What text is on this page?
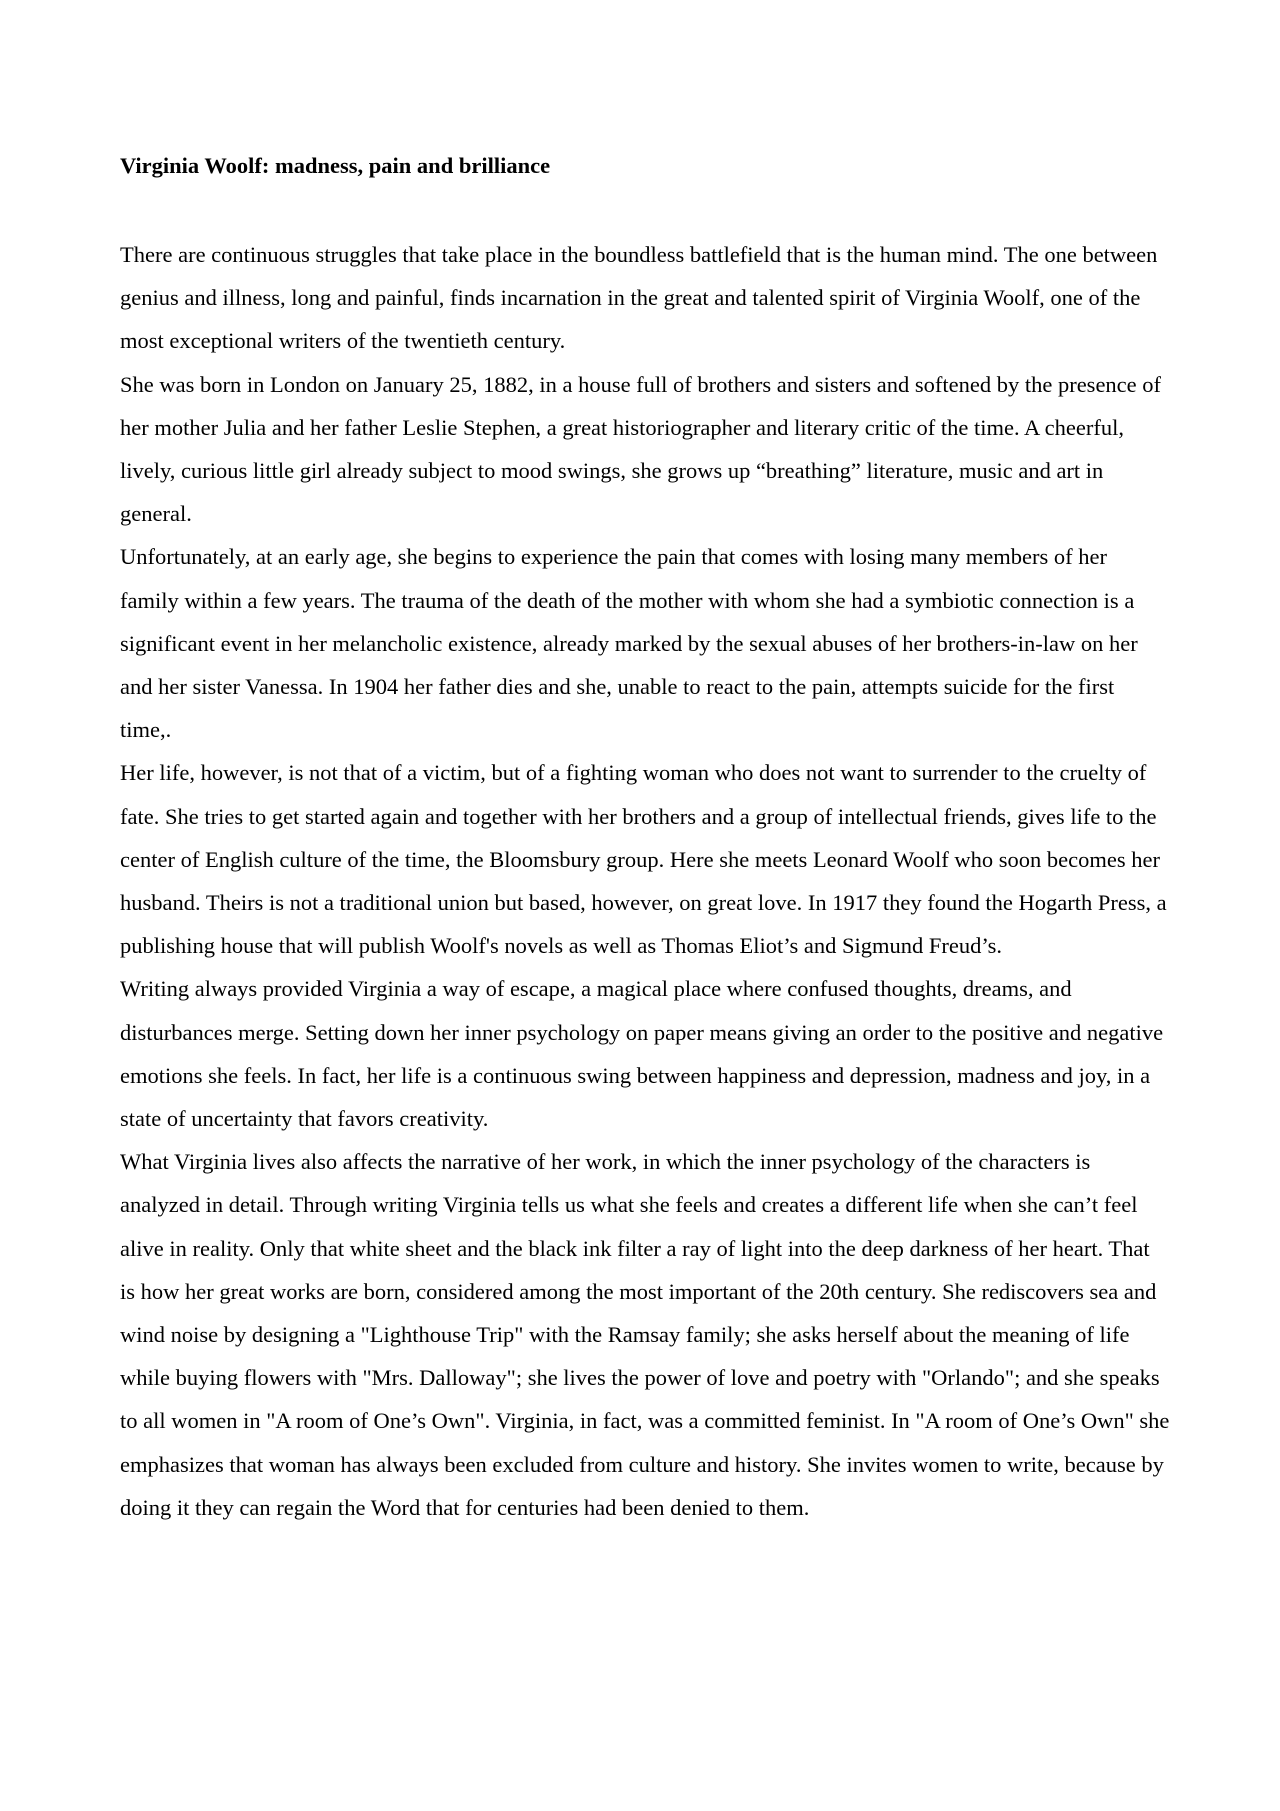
Virginia Woolf: madness, pain and brilliance

There are continuous struggles that take place in the boundless battlefield that is the human mind. The one between genius and illness, long and painful, finds incarnation in the great and talented spirit of Virginia Woolf, one of the most exceptional writers of the twentieth century.

She was born in London on January 25, 1882, in a house full of brothers and sisters and softened by the presence of her mother Julia and her father Leslie Stephen, a great historiographer and literary critic of the time. A cheerful, lively, curious little girl already subject to mood swings, she grows up “breathing” literature, music and art in general.

Unfortunately, at an early age, she begins to experience the pain that comes with losing many members of her family within a few years. The trauma of the death of the mother with whom she had a symbiotic connection is a significant event in her melancholic existence, already marked by the sexual abuses of her brothers-in-law on her and her sister Vanessa. In 1904 her father dies and she, unable to react to the pain, attempts suicide for the first time,.

Her life, however, is not that of a victim, but of a fighting woman who does not want to surrender to the cruelty of fate. She tries to get started again and together with her brothers and a group of intellectual friends, gives life to the center of English culture of the time, the Bloomsbury group. Here she meets Leonard Woolf who soon becomes her husband. Theirs is not a traditional union but based, however, on great love. In 1917 they found the Hogarth Press, a publishing house that will publish Woolf's novels as well as Thomas Eliot’s and Sigmund Freud’s.

Writing always provided Virginia a way of escape, a magical place where confused thoughts, dreams, and disturbances merge. Setting down her inner psychology on paper means giving an order to the positive and negative emotions she feels. In fact, her life is a continuous swing between happiness and depression, madness and joy, in a state of uncertainty that favors creativity.

What Virginia lives also affects the narrative of her work, in which the inner psychology of the characters is analyzed in detail. Through writing Virginia tells us what she feels and creates a different life when she can’t feel alive in reality. Only that white sheet and the black ink filter a ray of light into the deep darkness of her heart. That is how her great works are born, considered among the most important of the 20th century. She rediscovers sea and wind noise by designing a "Lighthouse Trip" with the Ramsay family; she asks herself about the meaning of life while buying flowers with "Mrs. Dalloway"; she lives the power of love and poetry with "Orlando"; and she speaks to all women in "A room of One’s Own". Virginia, in fact, was a committed feminist. In "A room of One’s Own" she emphasizes that woman has always been excluded from culture and history. She invites women to write, because by doing it they can regain the Word that for centuries had been denied to them.
